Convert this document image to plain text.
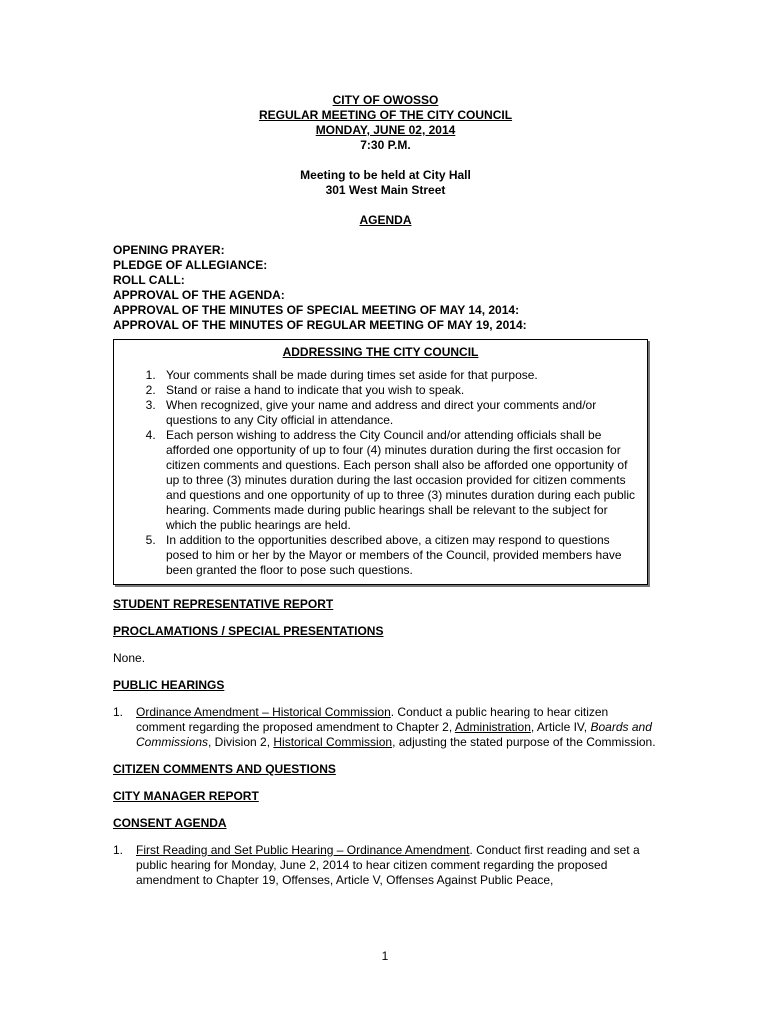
CITY OF OWOSSO
REGULAR MEETING OF THE CITY COUNCIL
MONDAY, JUNE 02, 2014
7:30 P.M.
Meeting to be held at City Hall
301 West Main Street
AGENDA
OPENING PRAYER:
PLEDGE OF ALLEGIANCE:
ROLL CALL:
APPROVAL OF THE AGENDA:
APPROVAL OF THE MINUTES OF SPECIAL MEETING OF MAY 14, 2014:
APPROVAL OF THE MINUTES OF REGULAR MEETING OF MAY 19, 2014:
ADDRESSING THE CITY COUNCIL
1. Your comments shall be made during times set aside for that purpose.
2. Stand or raise a hand to indicate that you wish to speak.
3. When recognized, give your name and address and direct your comments and/or questions to any City official in attendance.
4. Each person wishing to address the City Council and/or attending officials shall be afforded one opportunity of up to four (4) minutes duration during the first occasion for citizen comments and questions. Each person shall also be afforded one opportunity of up to three (3) minutes duration during the last occasion provided for citizen comments and questions and one opportunity of up to three (3) minutes duration during each public hearing. Comments made during public hearings shall be relevant to the subject for which the public hearings are held.
5. In addition to the opportunities described above, a citizen may respond to questions posed to him or her by the Mayor or members of the Council, provided members have been granted the floor to pose such questions.
STUDENT REPRESENTATIVE REPORT
PROCLAMATIONS / SPECIAL PRESENTATIONS
None.
PUBLIC HEARINGS
1.	Ordinance Amendment – Historical Commission. Conduct a public hearing to hear citizen comment regarding the proposed amendment to Chapter 2, Administration, Article IV, Boards and Commissions, Division 2, Historical Commission, adjusting the stated purpose of the Commission.
CITIZEN COMMENTS AND QUESTIONS
CITY MANAGER REPORT
CONSENT AGENDA
1.	First Reading and Set Public Hearing – Ordinance Amendment. Conduct first reading and set a public hearing for Monday, June 2, 2014 to hear citizen comment regarding the proposed amendment to Chapter 19, Offenses, Article V, Offenses Against Public Peace,
1
